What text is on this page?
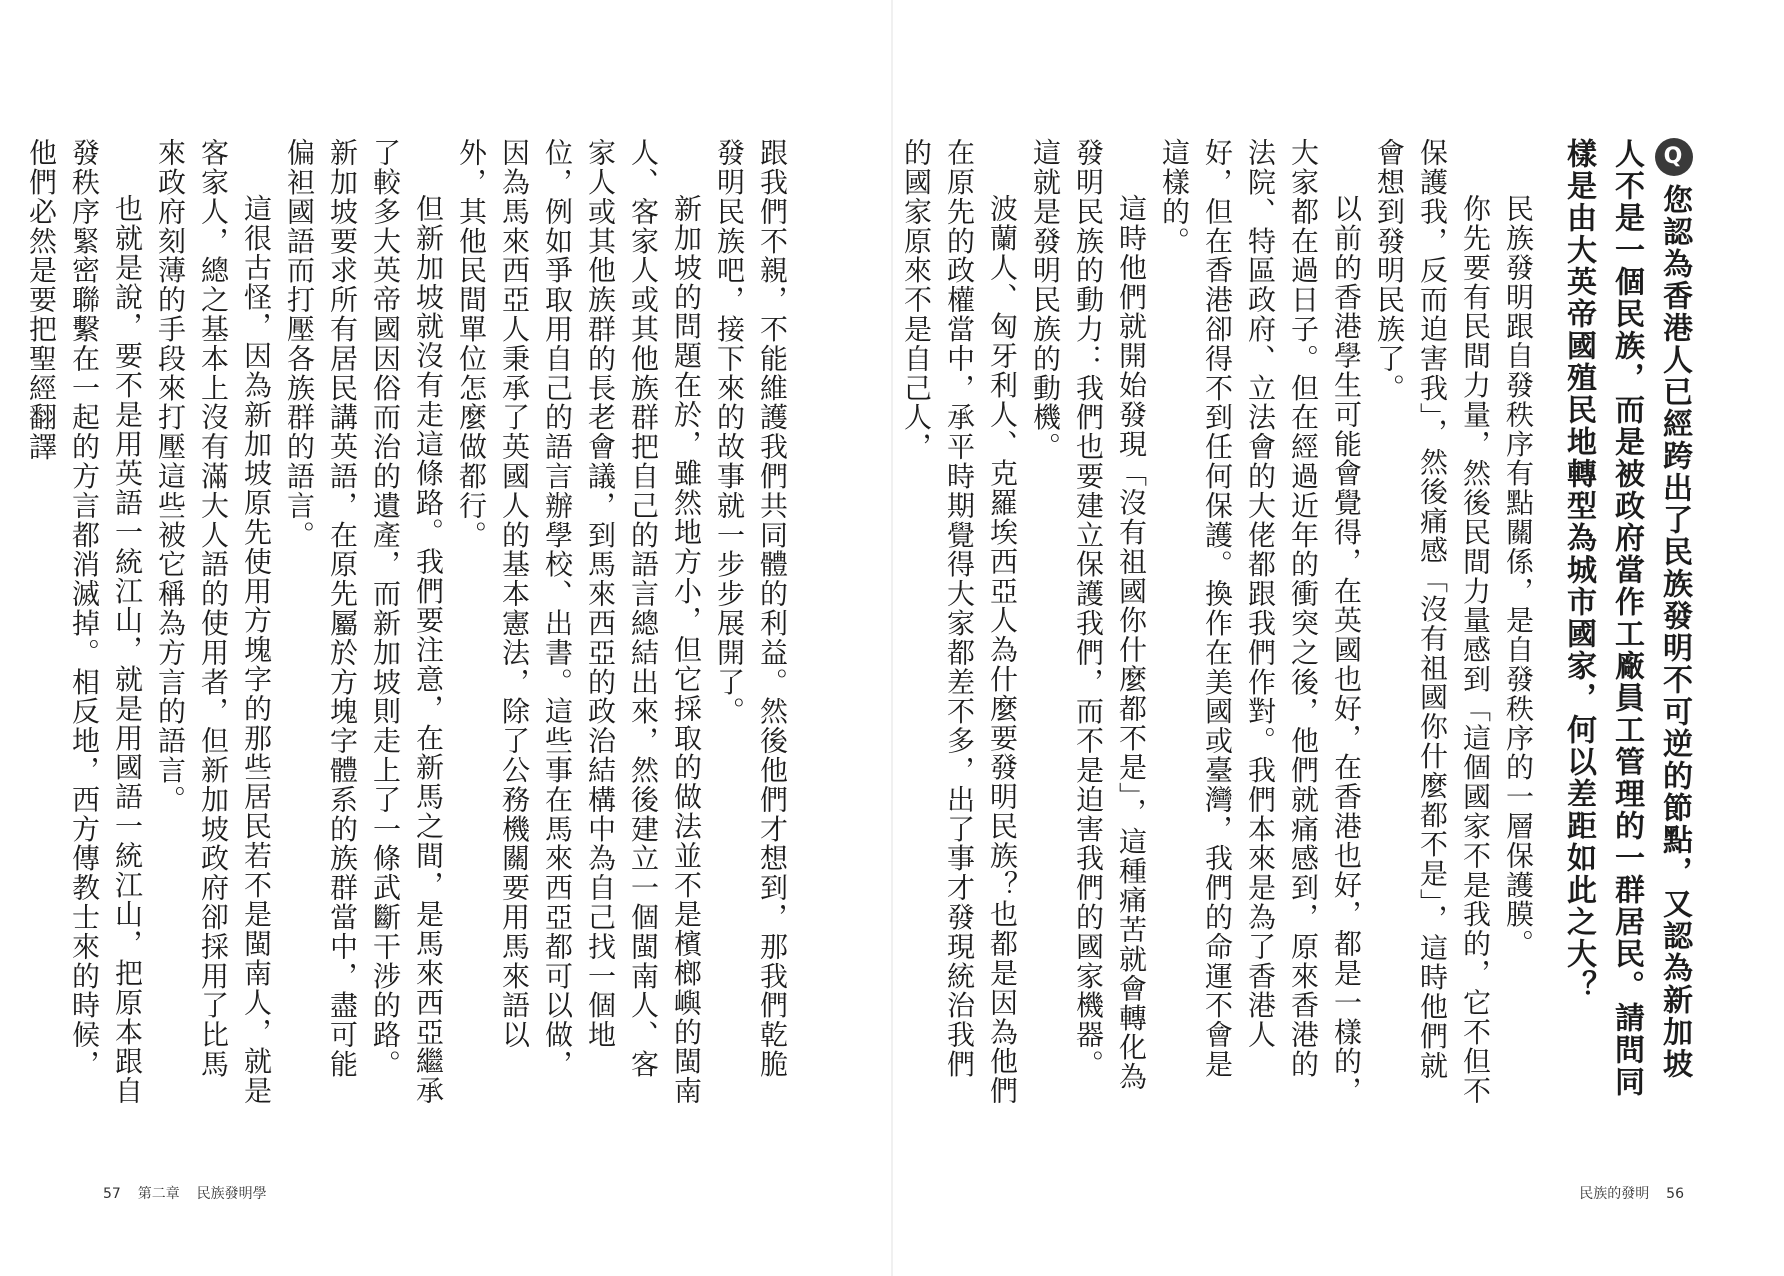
跟我們不親，不能維護我們共同體的利益。然後他們才想到，那我們乾脆發明民族吧，接下來的故事就一步步展開了。

新加坡的問題在於，雖然地方小，但它採取的做法並不是檳榔嶼的閩南人、客家人或其他族群把自己的語言總結出來，然後建立一個閩南人、客家人或其他族群的長老會議，到馬來西亞的政治結構中為自己找一個地位，例如爭取用自己的語言辦學校、出書。這些事在馬來西亞都可以做，因為馬來西亞人秉承了英國人的基本憲法，除了公務機關要用馬來語以外，其他民間單位怎麼做都行。

但新加坡就沒有走這條路。我們要注意，在新馬之間，是馬來西亞繼承了較多大英帝國因俗而治的遺產，而新加坡則走上了一條武斷干涉的路。新加坡要求所有居民講英語，在原先屬於方塊字體系的族群當中，盡可能偏袒國語而打壓各族群的語言。

這很古怪，因為新加坡原先使用方塊字的那些居民若不是閩南人，就是客家人，總之基本上沒有滿大人語的使用者，但新加坡政府卻採用了比馬來政府刻薄的手段來打壓這些被它稱為方言的語言。

也就是說，要不是用英語一統江山，就是用國語一統江山，把原本跟自發秩序緊密聯繫在一起的方言都消滅掉。相反地，西方傳教士來的時候，他們必然是要把聖經翻譯

57 第二章 民族發明學

Q您認為香港人已經跨出了民族發明不可逆的節點，又認為新加坡人不是一個民族，而是被政府當作工廠員工管理的一群居民。請問同樣是由大英帝國殖民地轉型為城市國家，何以差距如此之大？

民族發明跟自發秩序有點關係，是自發秩序的一層保護膜。

你先要有民間力量，然後民間力量感到「這個國家不是我的，它不但不保護我，反而迫害我」，然後痛感「沒有祖國你什麼都不是」，這時他們就會想到發明民族了。

以前的香港學生可能會覺得，在英國也好，在香港也好，都是一樣的，大家都在過日子。但在經過近年的衝突之後，他們就痛感到，原來香港的法院、特區政府、立法會的大佬都跟我們作對。我們本來是為了香港人好，但在香港卻得不到任何保護。換作在美國或臺灣，我們的命運不會是這樣的。

這時他們就開始發現「沒有祖國你什麼都不是」，這種痛苦就會轉化為發明民族的動力：我們也要建立保護我們，而不是迫害我們的國家機器。這就是發明民族的動機。

波蘭人、匈牙利人、克羅埃西亞人為什麼要發明民族？也都是因為他們在原先的政權當中，承平時期覺得大家都差不多，出了事才發現統治我們的國家原來不是自己人，

民族的發明 56
